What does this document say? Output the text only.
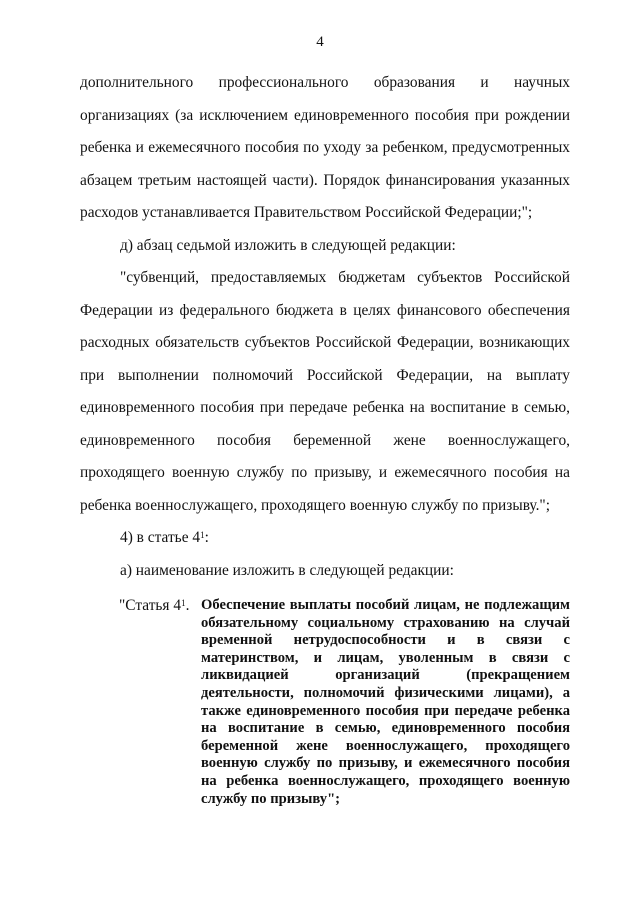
4

дополнительного профессионального образования и научных организациях (за исключением единовременного пособия при рождении ребенка и ежемесячного пособия по уходу за ребенком, предусмотренных абзацем третьим настоящей части). Порядок финансирования указанных расходов устанавливается Правительством Российской Федерации;";

д) абзац седьмой изложить в следующей редакции:

"субвенций, предоставляемых бюджетам субъектов Российской Федерации из федерального бюджета в целях финансового обеспечения расходных обязательств субъектов Российской Федерации, возникающих при выполнении полномочий Российской Федерации, на выплату единовременного пособия при передаче ребенка на воспитание в семью, единовременного пособия беременной жене военнослужащего, проходящего военную службу по призыву, и ежемесячного пособия на ребенка военнослужащего, проходящего военную службу по призыву.";

4) в статье $4^1$:

а) наименование изложить в следующей редакции:

"Статья $4^1$. Обеспечение выплаты пособий лицам, не подлежащим обязательному социальному страхованию на случай временной нетрудоспособности и в связи с материнством, и лицам, уволенным в связи с ликвидацией организаций (прекращением деятельности, полномочий физическими лицами), а также единовременного пособия при передаче ребенка на воспитание в семью, единовременного пособия беременной жене военнослужащего, проходящего военную службу по призыву, и ежемесячного пособия на ребенка военнослужащего, проходящего военную службу по призыву";
